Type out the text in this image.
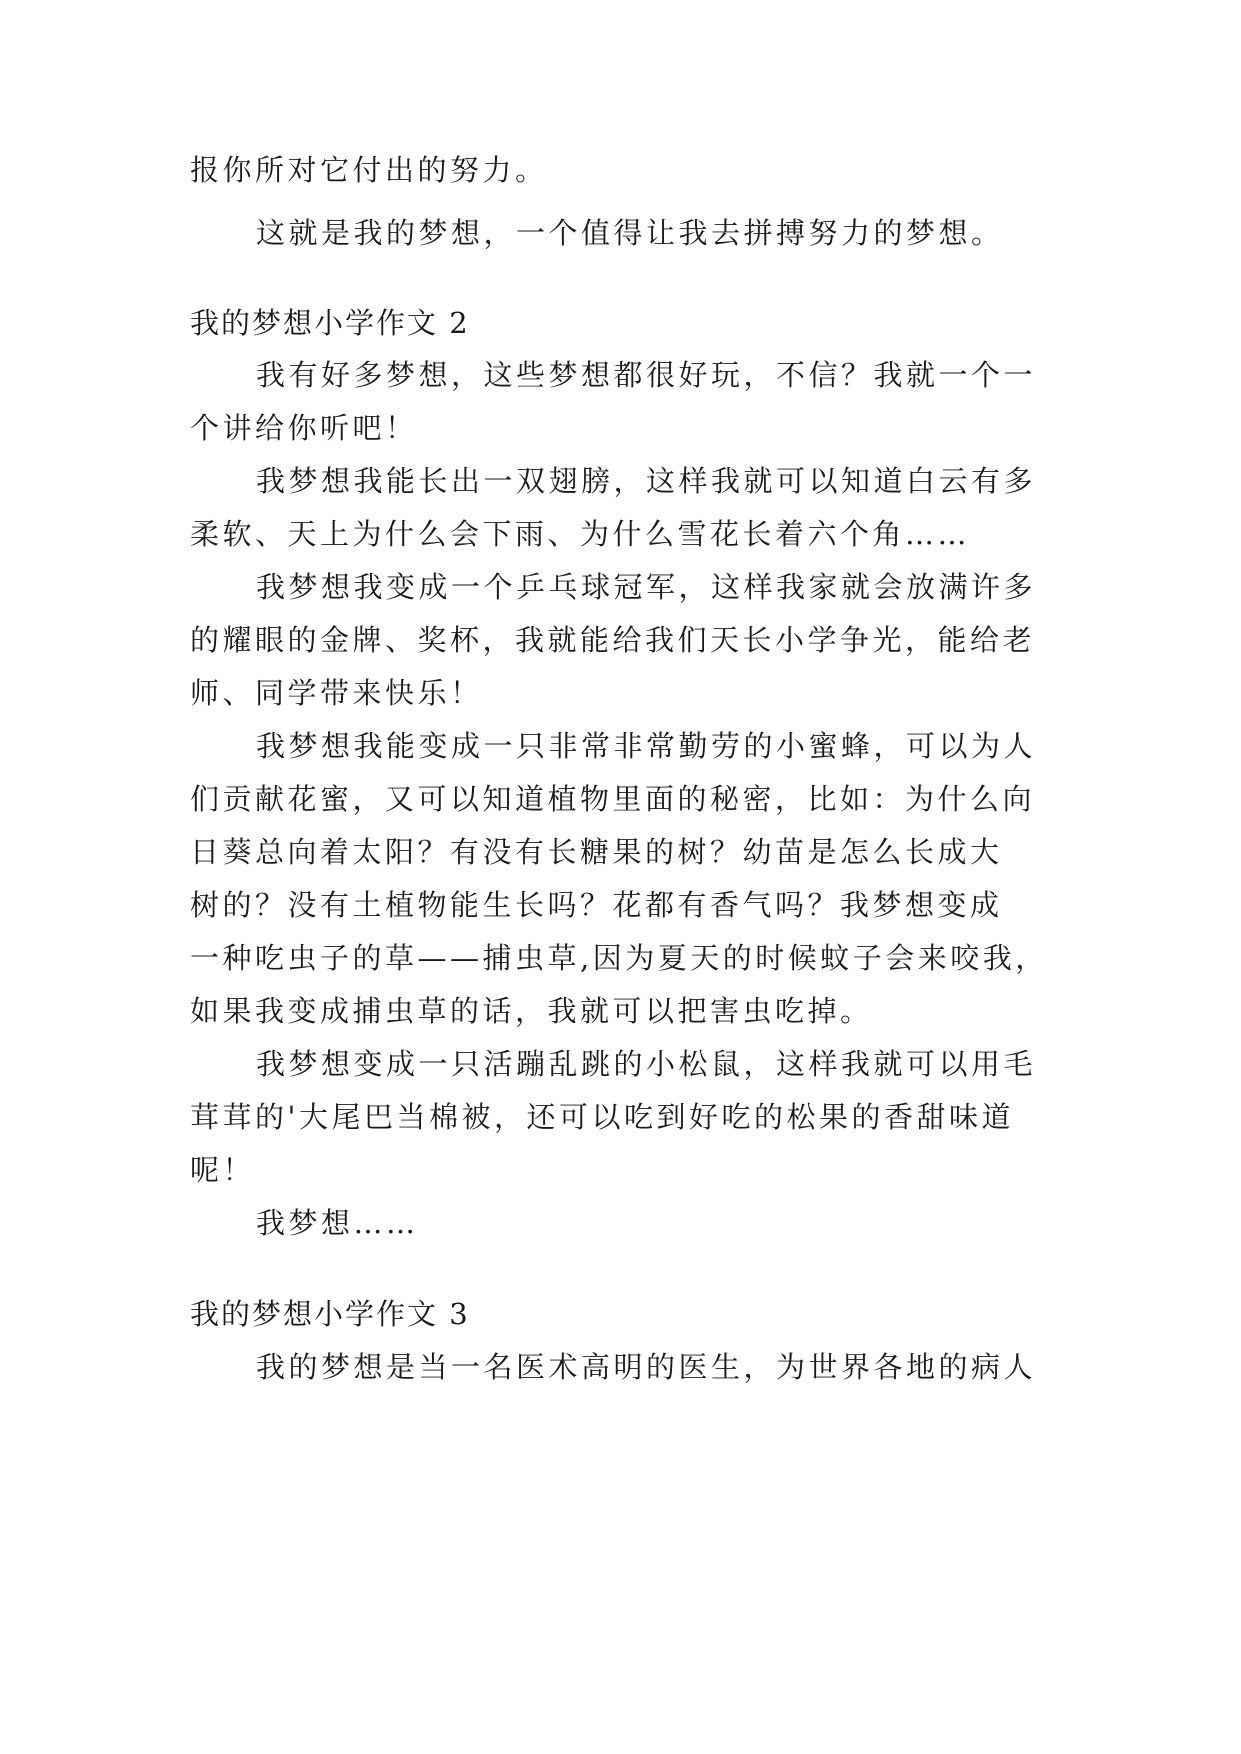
报你所对它付出的努力。
这就是我的梦想，一个值得让我去拼搏努力的梦想。
我的梦想小学作文 2
我有好多梦想，这些梦想都很好玩，不信？我就一个一
个讲给你听吧！
我梦想我能长出一双翅膀，这样我就可以知道白云有多
柔软、天上为什么会下雨、为什么雪花长着六个角……
我梦想我变成一个乒乓球冠军，这样我家就会放满许多
的耀眼的金牌、奖杯，我就能给我们天长小学争光，能给老
师、同学带来快乐！
我梦想我能变成一只非常非常勤劳的小蜜蜂，可以为人
们贡献花蜜，又可以知道植物里面的秘密，比如：为什么向
日葵总向着太阳？有没有长糖果的树？幼苗是怎么长成大
树的？没有土植物能生长吗？花都有香气吗？我梦想变成
一种吃虫子的草——捕虫草,因为夏天的时候蚊子会来咬我，
如果我变成捕虫草的话，我就可以把害虫吃掉。
我梦想变成一只活蹦乱跳的小松鼠，这样我就可以用毛
茸茸的'大尾巴当棉被，还可以吃到好吃的松果的香甜味道
呢！
我梦想……
我的梦想小学作文 3
我的梦想是当一名医术高明的医生，为世界各地的病人
